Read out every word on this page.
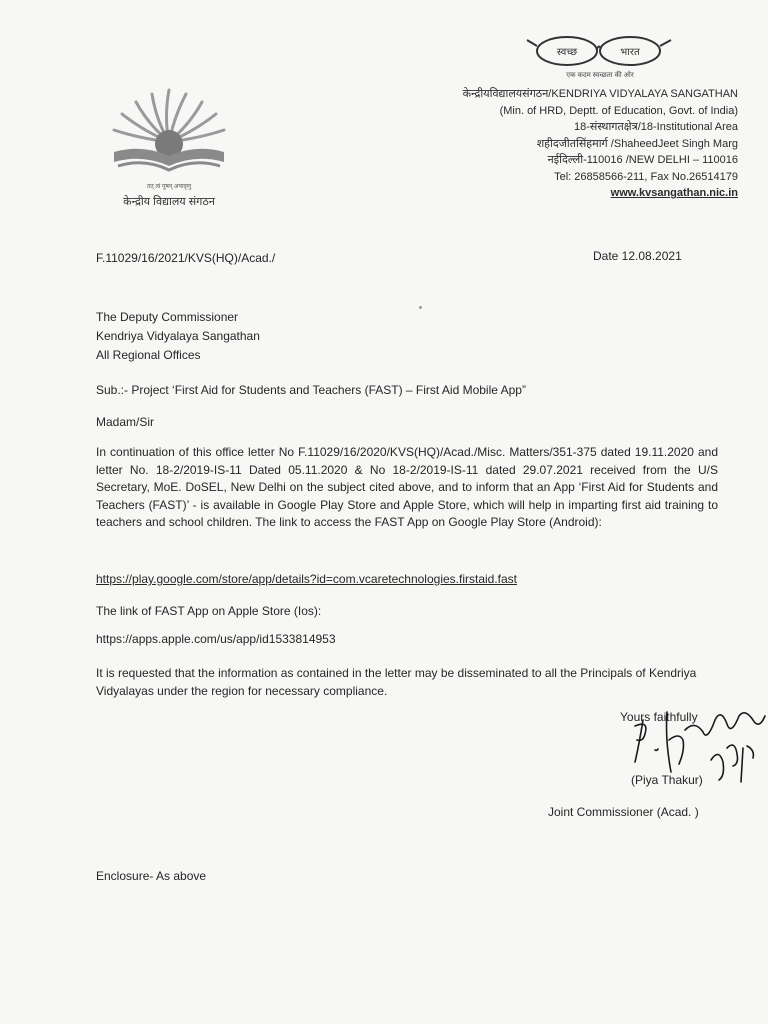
स्वच्छ	भारत
एक कदम स्वच्छता की ओर
तत् त्वं पूषन् अपावृणु
केन्द्रीय विद्यालय संगठन
केन्द्रीयविद्यालयसंगठन/KENDRIYA VIDYALAYA SANGATHAN
(Min. of HRD, Deptt. of Education, Govt. of India)
18-संस्थागतक्षेत्र/18-Institutional Area
शहीदजीतसिंहमार्ग /ShaheedJeet Singh Marg
नईदिल्ली-110016 /NEW DELHI – 110016
Tel: 26858566-211, Fax No.26514179
www.kvsangathan.nic.in
F.11029/16/2021/KVS(HQ)/Acad./	Date 12.08.2021
The Deputy Commissioner
Kendriya Vidyalaya Sangathan
All Regional Offices
Sub.:- Project ‘First Aid for Students and Teachers (FAST) – First Aid Mobile App”
Madam/Sir
In continuation of this office letter No F.11029/16/2020/KVS(HQ)/Acad./Misc. Matters/351-375 dated 19.11.2020 and letter No. 18-2/2019-IS-11 Dated 05.11.2020 & No 18-2/2019-IS-11 dated 29.07.2021 received from the U/S Secretary, MoE. DoSEL, New Delhi on the subject cited above, and to inform that an App ‘First Aid for Students and Teachers (FAST)’ - is available in Google Play Store and Apple Store, which will help in imparting first aid training to teachers and school children. The link to access the FAST App on Google Play Store (Android):
https://play.google.com/store/app/details?id=com.vcaretechnologies.firstaid.fast
The link of FAST App on Apple Store (Ios):
https://apps.apple.com/us/app/id1533814953
It is requested that the information as contained in the letter may be disseminated to all the Principals of Kendriya Vidyalayas under the region for necessary compliance.
Yours faithfully
(Piya Thakur)
Joint Commissioner (Acad. )
Enclosure- As above
